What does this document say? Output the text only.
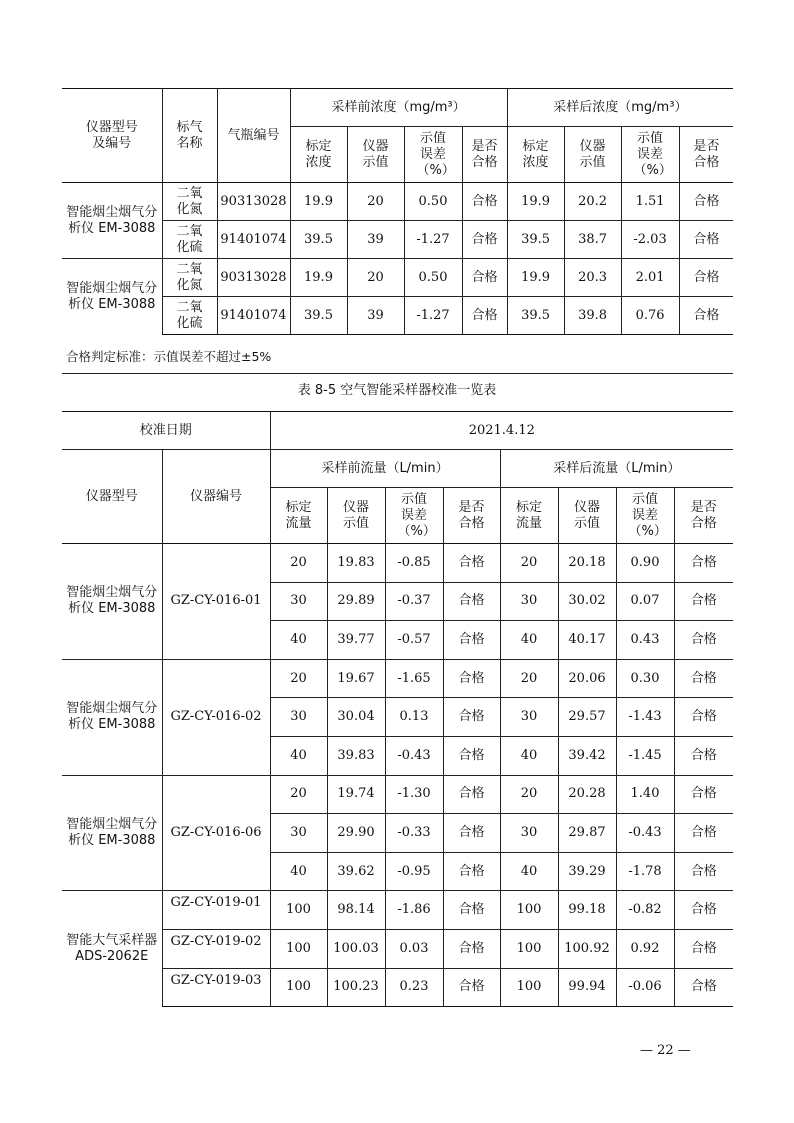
仪器型号及编号	标气名称	气瓶编号	采样前浓度（mg/m³）				采样后浓度（mg/m³）			
			标定浓度	仪器示值	示值误差（%）	是否合格	标定浓度	仪器示值	示值误差（%）	是否合格
智能烟尘烟气分析仪 EM-3088	二氧化氮	90313028	19.9	20	0.50	合格	19.9	20.2	1.51	合格
	二氧化硫	91401074	39.5	39	-1.27	合格	39.5	38.7	-2.03	合格
智能烟尘烟气分析仪 EM-3088	二氧化氮	90313028	19.9	20	0.50	合格	19.9	20.3	2.01	合格
	二氧化硫	91401074	39.5	39	-1.27	合格	39.5	39.8	0.76	合格
合格判定标准：示值误差不超过±5%
表 8-5 空气智能采样器校准一览表
校准日期		2021.4.12							
仪器型号	仪器编号	采样前流量（L/min）				采样后流量（L/min）			
		标定流量	仪器示值	示值误差（%）	是否合格	标定流量	仪器示值	示值误差（%）	是否合格
智能烟尘烟气分析仪 EM-3088	GZ-CY-016-01	20	19.83	-0.85	合格	20	20.18	0.90	合格
		30	29.89	-0.37	合格	30	30.02	0.07	合格
		40	39.77	-0.57	合格	40	40.17	0.43	合格
智能烟尘烟气分析仪 EM-3088	GZ-CY-016-02	20	19.67	-1.65	合格	20	20.06	0.30	合格
		30	30.04	0.13	合格	30	29.57	-1.43	合格
		40	39.83	-0.43	合格	40	39.42	-1.45	合格
智能烟尘烟气分析仪 EM-3088	GZ-CY-016-06	20	19.74	-1.30	合格	20	20.28	1.40	合格
		30	29.90	-0.33	合格	30	29.87	-0.43	合格
		40	39.62	-0.95	合格	40	39.29	-1.78	合格
智能大气采样器 ADS-2062E	GZ-CY-019-01	100	98.14	-1.86	合格	100	99.18	-0.82	合格
	GZ-CY-019-02	100	100.03	0.03	合格	100	100.92	0.92	合格
	GZ-CY-019-03	100	100.23	0.23	合格	100	99.94	-0.06	合格
— 22 —
